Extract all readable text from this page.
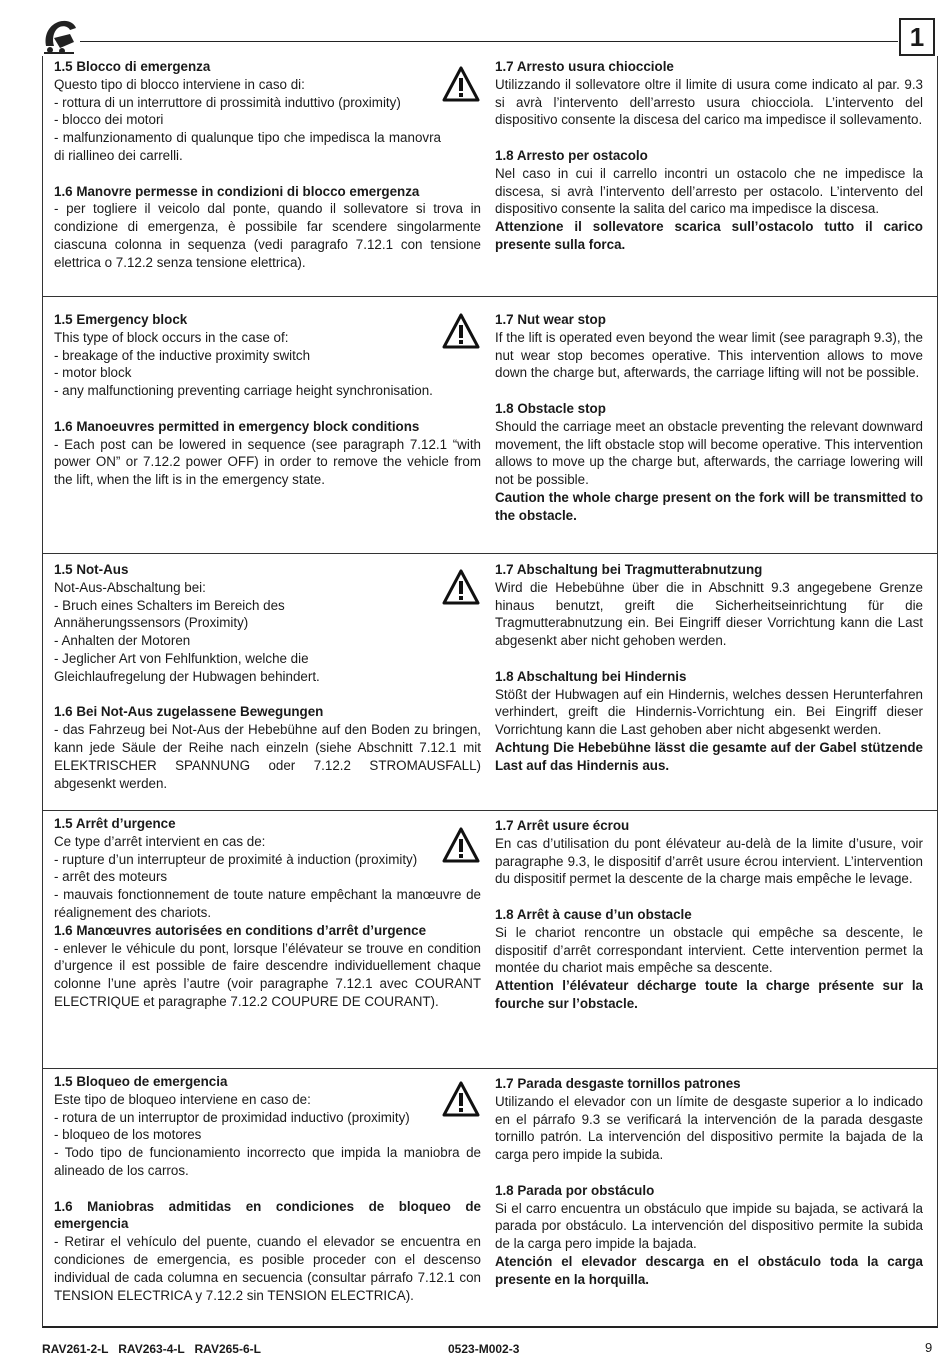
1
1.5 Blocco di emergenza
Questo tipo di blocco interviene in caso di:
- rottura di un interruttore di prossimità induttivo (proximity)
- blocco dei motori
- malfunzionamento di qualunque tipo che impedisca la manovra di riallineo dei carrelli.
1.6 Manovre permesse in condizioni di blocco emergenza
- per togliere il veicolo dal ponte, quando il sollevatore si trova in condizione di emergenza, è possibile far scendere singolarmente ciascuna colonna in sequenza (vedi paragrafo 7.12.1 con tensione elettrica o 7.12.2 senza tensione elettrica).
1.7 Arresto usura chiocciole
Utilizzando il sollevatore oltre il limite di usura come indicato al par. 9.3 si avrà l’intervento dell’arresto usura chiocciola. L’intervento del dispositivo consente la discesa del carico ma impedisce il sollevamento.
1.8 Arresto per ostacolo
Nel caso in cui il carrello incontri un ostacolo che ne impedisce la discesa, si avrà l’intervento dell’arresto per ostacolo. L’intervento del dispositivo consente la salita del carico ma impedisce la discesa.
Attenzione il sollevatore scarica sull’ostacolo tutto il carico presente sulla forca.
1.5 Emergency block
This type of block occurs in the case of:
- breakage of the inductive proximity switch
- motor block
- any malfunctioning preventing carriage height synchronisation.
1.6 Manoeuvres permitted in emergency block conditions
- Each post can be lowered in sequence (see paragraph 7.12.1 “with power ON” or 7.12.2 power OFF) in order to remove the vehicle from the lift, when the lift is in the emergency state.
1.7 Nut wear stop
If the lift is operated even beyond the wear limit (see paragraph 9.3), the nut wear stop becomes operative. This intervention allows to move down the charge but, afterwards, the carriage lifting will not be possible.
1.8 Obstacle stop
Should the carriage meet an obstacle preventing the relevant downward movement, the lift obstacle stop will become operative. This intervention allows to move up the charge but, afterwards, the carriage lowering will not be possible.
Caution the whole charge present on the fork will be transmitted to the obstacle.
1.5 Not-Aus
Not-Aus-Abschaltung bei:
- Bruch eines Schalters im Bereich des Annäherungssensors (Proximity)
- Anhalten der Motoren
- Jeglicher Art von Fehlfunktion, welche die Gleichlaufregelung der Hubwagen behindert.
1.6 Bei Not-Aus zugelassene Bewegungen
- das Fahrzeug bei Not-Aus der Hebebühne auf den Boden zu bringen, kann jede Säule der Reihe nach einzeln (siehe Abschnitt 7.12.1 mit ELEKTRISCHER SPANNUNG oder 7.12.2 STROMAUSFALL) abgesenkt werden.
1.7 Abschaltung bei Tragmutterabnutzung
Wird die Hebebühne über die in Abschnitt 9.3 angegebene Grenze hinaus benutzt, greift die Sicherheitseinrichtung für die Tragmutterabnutzung ein. Bei Eingriff dieser Vorrichtung kann die Last abgesenkt aber nicht gehoben werden.
1.8 Abschaltung bei Hindernis
Stößt der Hubwagen auf ein Hindernis, welches dessen Herunterfahren verhindert, greift die Hindernis-Vorrichtung ein. Bei Eingriff dieser Vorrichtung kann die Last gehoben aber nicht abgesenkt werden.
Achtung Die Hebebühne lässt die gesamte auf der Gabel stützende Last auf das Hindernis aus.
1.5 Arrêt d’urgence
Ce type d’arrêt intervient en cas de:
- rupture d’un interrupteur de proximité à induction (proximity)
- arrêt des moteurs
- mauvais fonctionnement de toute nature empêchant la manœuvre de réalignement des chariots.
1.6 Manœuvres autorisées en conditions d’arrêt d’urgence
- enlever le véhicule du pont, lorsque l’élévateur se trouve en condition d’urgence il est possible de faire descendre individuellement chaque colonne l’une après l’autre (voir paragraphe 7.12.1 avec COURANT ELECTRIQUE et paragraphe 7.12.2 COUPURE DE COURANT).
1.7 Arrêt usure écrou
En cas d’utilisation du pont élévateur au-delà de la limite d’usure, voir paragraphe 9.3, le dispositif d’arrêt usure écrou intervient. L’intervention du dispositif permet la descente de la charge mais empêche le levage.
1.8 Arrêt à cause d’un obstacle
Si le chariot rencontre un obstacle qui empêche sa descente, le dispositif d’arrêt correspondant intervient. Cette intervention permet la montée du chariot mais empêche sa descente.
Attention l’élévateur décharge toute la charge présente sur la fourche sur l’obstacle.
1.5 Bloqueo de emergencia
Este tipo de bloqueo interviene en caso de:
- rotura de un interruptor de proximidad inductivo (proximity)
- bloqueo de los motores
- Todo tipo de funcionamiento incorrecto que impida la maniobra de alineado de los carros.
1.6 Maniobras admitidas en condiciones de bloqueo de emergencia
- Retirar el vehículo del puente, cuando el elevador se encuentra en condiciones de emergencia, es posible proceder con el descenso individual de cada columna en secuencia (consultar párrafo 7.12.1 con TENSION ELECTRICA y 7.12.2 sin TENSION ELECTRICA).
1.7 Parada desgaste tornillos patrones
Utilizando el elevador con un límite de desgaste superior a lo indicado en el párrafo 9.3 se verificará la intervención de la parada desgaste tornillo patrón. La intervención del dispositivo permite la bajada de la carga pero impide la subida.
1.8 Parada por obstáculo
Si el carro encuentra un obstáculo que impide su bajada, se activará la parada por obstáculo. La intervención del dispositivo permite la subida de la carga pero impide la bajada.
Atención el elevador descarga en el obstáculo toda la carga presente en la horquilla.
RAV261-2-L   RAV263-4-L   RAV265-6-L	0523-M002-3	9
